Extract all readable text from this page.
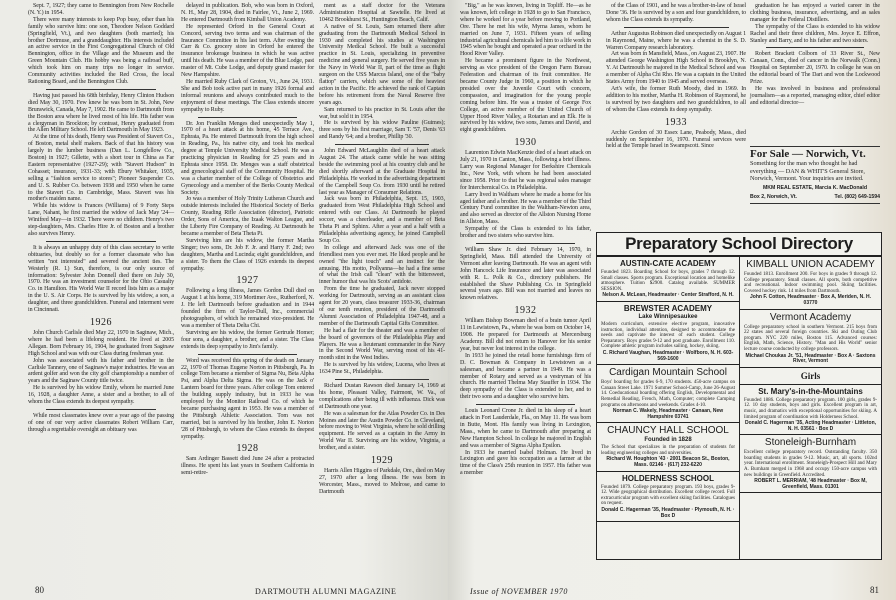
Sept. 7, 1927; they came to Bennington from New Rochelle (N. Y.) in 1954.

There were many interests to keep Pop busy, other than his family who survive him: one son, Theodore Nelson Goddard (Springfield, Vt.), and two daughters (both married); his brother Dortmuse, and a granddaughter. His interests included an active service in the First Congregational Church of Old Bennington, office in the Village and the Museum and the Green Mountain Club. His hobby was being a railroad buff, which took him on many trips no longer in service. Community activities included the Red Cross, the local Rationing Board, and the Bennington Club.

Having just passed his 68th birthday, Henry Clinton Hudson died May 30, 1970. Few knew he was born in St. John, New Brunswick, Canada, May 7, 1902. He came to Dartmouth from the Boston area where he lived most of his life. His father was a clergyman in Brockton; by contrast, Henry graduated from the Allen Military School. He left Dartmouth in May 1923.

At the time of his death, Henry was President of Stavert Co., of Boston, metal shelf makers. Back of that his history was largely in the lumber business (Dan L. Longfellow Co., Boston) in 1927; Gillette, with a short tour in China as Far Eastern representative (1927-29); with "Stavert Hudson" in Cohasset; insurance, 1931-33; with Ebury Whitaker, 1935, selling a "fashion service to stores"; Pioneer Suspender Co. and U. S. Rubber Co. between 1938 and 1950 when he came to the Stavert Co. in Cambridge, Mass. Stavert was his mother's maiden name.

While his widow is Frances (Williams) of 9 Forty Steps Lane, Nahant, he first married the widow of Jack May '24—Winifred May—in 1932. There were no children. Henry's two step-daughters, Mrs. Charles Hire Jr. of Boston and a brother also survives Henry.

It is always an unhappy duty of this class secretary to write obituaries, but doubly so for a former classmate who has written "not interested" and severed the ancient ties. The Westerly (R. I.) Sun, therefore, is our only source of information: Sylvester John Donnell died there on July 30, 1970. He was an investment counselor for the Ohio Casualty Co. in Hamilton. His World War II record lists him as a major in the U. S. Air Corps. He is survived by his widow, a son, a daughter, and three grandchildren. Funeral and interment were in Cincinnati.

1926

John Church Carlisle died May 22, 1970 in Saginaw, Mich., where he had been a lifelong resident. He lived at 2005 Allegan. Born February 16, 1904, he graduated from Saginaw High School and was with our Class during freshman year.

John was associated with his father and brother in the Carlisle Tannery, one of Saginaw's major industries. He was an ardent golfer and won the city golf championship a number of years and the Saginaw County title twice.

He is survived by his widow Emily, whom he married June 16, 1928, a daughter Anne, a sister and a brother, to all of whom the Class extends its deepest sympathy.

While most classmates knew over a year ago of the passing of one of our very active classmates Robert William Carr, through a regrettable oversight an obituary was

delayed in publication. Bob, who was born in Oxford, N. H., May 28, 1904, died in Fairlee, Vt., June 2, 1969. He entered Dartmouth from Kimball Union Academy.

He represented Orford in the General Court at Concord, serving two terms and was chairman of the Insurance Committee in his last term. After owning the Carr & Co. grocery store in Orford he entered the insurance brokerage business in which he was active until his death. He was a member of the Blue Lodge, past master of Mt. Cube Lodge, and deputy grand master for New Hampshire.

He married Ruby Clark of Groton, Vt., June 24, 1931. She and Bob took active part in many 1926 formal and informal reunions and always contributed much to the enjoyment of these meetings. The Class extends sincere sympathy to Ruby.

Dr. Jon Franklin Menges died unexpectedly May 1, 1970 of a heart attack at his home, 45 Terrace Ave., Ephrata, Pa. He entered Dartmouth from the high school in Reading, Pa., his native city, and took his medical degree at Temple University Medical School. He was a practicing physician in Reading for 25 years and in Ephrata since 1958. Dr. Menges was a staff obstetrical and gynecological staff of the Community Hospital. He was a charter member of the College of Obstetrics and Gynecology and a member of the Berks County Medical Society.

Jo was a member of Holy Trinity Lutheran Church and outside interests included the Historical Society of Berks County, Reading Rifle Association (director), Patriotic Order, Sons of America, the Izaak Walton League, and the Liberty Fire Company of Reading. At Dartmouth he became a member of Beta Theta Pi.

Surviving him are his widow, the former Martha Singer; two sons, Dr. Job F. Jr. and Harry F. 2nd; two daughters, Martha and Lucinda; eight grandchildren, and a sister. To them the Class of 1926 extends its deepest sympathy.

1927

Following a long illness, James Gordon Dull died on August 1 at his home, 319 Mortimer Ave., Rutherford, N. J. He left Dartmouth before graduation and in 1944 founded the firm of Taylor-Dull, Inc., commercial photographers, of which he remained vice-president. He was a member of Theta Delta Chi.

Surviving are his widow, the former Gertrude Homer; four sons, a daughter, a brother, and a sister. The Class extends its deep sympathy to Jim's family.

Word was received this spring of the death on January 22, 1970 of Thomas Eugene Norton in Pittsburgh, Pa. In college Tom became a member of Sigma Nu, Beta Alpha Psi, and Alpha Delta Sigma. He was on the Jack o' Lantern board for three years. After college Tom entered the building supply industry, but in 1933 he was employed by the Monitor Railroad Co. of which he became purchasing agent in 1953. He was a member of the Pittsburgh Athletic Association. Tom was not married, but is survived by his brother, John E. Norton '28 of Pittsburgh, to whom the Class extends its deepest sympathy.

1928

Sam Ardinger Bassett died June 24 after a protracted illness. He spent his last years in Southern California in semi-retire-

ment as a staff doctor for the Veterans Administration Hospital at Sawtelle. He lived at 10462 Brookhurst St., Huntington Beach, Calif.

A native of St. Louis, Sam returned there after graduating from the Dartmouth Medical School in 1930 and completed his studies at Washington University Medical School. He built a successful practice in St. Louis, specializing in preventive medicine and general surgery. He served five years in the Navy in World War II, part of the time as flight surgeon on the USS Marcus Island, one of the "baby flattop" carriers, which saw some of the heaviest action in the Pacific. He achieved the rank of Captain before his retirement from the Naval Reserve five years ago.

Sam returned to his practice in St. Louis after the war, but sold it in 1954.

He is survived by his widow Pauline (Guimes); three sons by his first marriage, Sam T. '57, Denis '63 and Randy '64; and a brother, Phillip '30.

John Edward McLaughlin died of a heart attack August 24. The attack came while he was sitting beside the swimming pool at his country club and he died shortly afterward at the Graduate Hospital in Philadelphia. He worked in the advertising department of the Campbell Soup Co. from 1930 until he retired last year as Manager of Consumer Relations.

Jack was born in Philadelphia, Sept. 15, 1903, graduated from West Philadelphia High School and entered with our Class. At Dartmouth he played soccer, was a cheerleader, and a member of Beta Theta Pi and Sphinx. After a year and a half with a Philadelphia advertising agency, he joined Campbell Soup Co.

In college and afterward Jack was one of the friendliest men you ever met. He liked people and he owned "the light touch" and an instinct for the amusing. His motto, Pollyanna—he had a fine sense of what the Irish call "clean" with the bittersweet, inner humor that was his Scots' antidote.

From the time he graduated, Jack never stopped working for Dartmouth, serving as an assistant class agent for 20 years, class treasurer 1933-36, chairman of our tenth reunion, president of the Dartmouth Alumni Association of Philadelphia 1947-48, and a member of the Dartmouth Capital Gifts Committee.

He had a flair for the theater and was a member of the board of governors of the Philadelphia Play and Players. He was a lieutenant commander in the Navy in the Second World War, serving most of his 41-month stint in the West Indies.

He is survived by his widow, Lucena, who lives at 1634 Pine St., Philadelphia.

Richard Dustan Rawson died January 14, 1969 at his home, Pleasant Valley, Fairmont, W. Va., of complications after being ill with influenza. Dick was at Dartmouth one year.

He was a salesman for the Atlas Powder Co. in Des Moines and later the Austin Powder Co. in Cleveland, before moving to West Virginia, where he sold drilling equipment. He served as a captain in the Army in World War II. Surviving are his widow, Virginia, a brother, and a sister.

1929

Harris Allen Higgins of Parkdale, Ore., died on May 27, 1970 after a long illness. He was born in Worcester, Mass., moved to Melrose, and came to Dartmouth

80	DARTMOUTH ALUMNI MAGAZINE

"Big," as he was known, living in Topliff. He—as he was known, left college in 1928 to go to San Francisco, where he worked for a year before moving to Portland, Ore. There he met his wife, Myrna James, whom he married on June 7, 1931. Fifteen years of selling industrial agricultural chemicals led him to a life work in 1945 when he bought and operated a pear orchard in the Hood River Valley.

He became a prominent figure in the Northwest, serving as vice president of the Oregon Farm Bureau Federation and chairman of its fruit committee. He became County Judge in 1960, a position in which he presided over the Juvenile Court with concern, compassion, and imagination for the young people coming before him. He was a trustee of George Fox College, an active member of the United Church of Upper Hood River Valley, a Rotarian and an Elk. He is survived by his widow, two sons, James and David, and eight grandchildren.

1930

Laurenton Edwin MacKenzie died of a heart attack on July 21, 1970 in Canton, Mass., following a brief illness. Larry was Regional Manager for Berkshire Chemicals Inc., New York, with whom he had been associated since 1958. Prior to that he was regional sales manager for Interchemical Co. in Philadelphia.

Larry lived in Waltham where he made a home for his aged father and a brother. He was a member of the Third Century Fund committee in the Waltham-Newton area, and also served as director of the Allston Nursing Home in Allston, Mass.

Sympathy of the Class is extended to his father, brother and two sisters who survive him.

William Shaw Jr. died February 14, 1970, in Springfield, Mass. Bill attended the University of Vermont after leaving Dartmouth. He was an agent with John Hancock Life Insurance and later was associated with R. L. Polk & Co., directory publishers. He established the Shaw Publishing Co. in Springfield several years ago. Bill was not married and leaves no known relatives.

1932

William Bishop Bowman died of a brain tumor April 11 in Lewistown, Pa., where he was born on October 14, 1908. He prepared for Dartmouth at Mercersburg Academy. Bill did not return to Hanover for his senior year, but never lost interest in the college.

In 1933 he joined the retail home furnishings firm of D. C. Bowman & Company in Lewistown as a salesman, and became a partner in 1949. He was a member of Rotary and served as a vestryman of his church. He married Thelma May Stauffer in 1934. The deep sympathy of the Class is extended to her, and to their two sons and a daughter who survive him.

Louis Leonard Crone Jr. died in his sleep of a heart attack in Fort Lauderdale, Fla., on May 11. He was born in Butte, Mont. His family was living in Lexington, Mass., when he came to Dartmouth after preparing at New Hampton School. In college he majored in English and was a member of Sigma Alpha Epsilon.

In 1933 he married Isabel Holman. He lived in Lexington and gave his occupation as a farmer at the time of the Class's 25th reunion in 1957. His father was a member

of the Class of 1901, and he was a brother-in-law of Israel Done '36. He is survived by a son and four grandchildren, to whom the Class extends its sympathy.

Arthur Augustus Robinson died unexpectedly on August 1 in Raymond, Maine, where he was a chemist in the S. D. Warren Company research laboratory.

Art was born in Mansfield, Mass., on August 23, 1907. He attended George Washington High School in Brooklyn, N. Y. At Dartmouth he majored in the Medical School and was a member of Alpha Chi Rho. He was a captain in the United States Army from 1940 to 1945 and served overseas.

Art's wife, the former Ruth Moody, died in 1969. In addition to his mother, Martha H. Robinson of Raymond, he is survived by two daughters and two grandchildren, to all of whom the Class extends its deep sympathy.

1933

Archie Gordon of 30 Essex Lane, Peabody, Mass., died suddenly on September 16, 1970. Funeral services were held at the Temple Israel in Swampscott. Since

graduation he has enjoyed a varied career in the clothing business, insurance, advertising, and as sales manager for the Federal Distillers.

The sympathy of the Class is extended to his widow Rachel and their three children, Mrs. Joyce E. Effron, Stanley and Barry, and to his father and two sisters.

Robert Brackett Colborn of 33 River St., New Canaan, Conn., died of cancer in the Norwalk (Conn.) Hospital on September 20, 1970. In college he was on the editorial board of The Dart and won the Lockwood Prize.

He was involved in business and professional journalism—as a reported, managing editor, chief editor and editorial director—

81
Issue of NOVEMBER 1970
For Sale — Norwich, Vt.
Something for the man who thought he had everything — DAN & WHIT'S General Store, Norwich, Vermont. Your inquiries are invited.
MKM REAL ESTATE, Marcia K. MacDonald
Box 2, Norwich, Vt.	Tel. (802) 649-1594
Preparatory School Directory
AUSTIN-CATE ACADEMY
Founded 1823. Boarding School for boys, grades 7 through 12. Small classes. Sports program. Exceptional location and homelike atmosphere. Tuition $2900. Catalog available. SUMMER SESSION.
Nelson A. McLean, Headmaster · Center Strafford, N. H.
BREWSTER ACADEMY
Lake Winnipesaukee
Modern curriculum, extensive elective program, innovative instruction, individual attention, designed to accommodate the needs and captivate the interest of each student. College Preparatory. Boys grades 9-12 and post graduate. Enrollment 110. Complete athletic program includes sailing, hockey, skiing.
C. Richard Vaughan, Headmaster · Wolfboro, N. H. 603-569-1600
Cardigan Mountain School
Boys' boarding for grades 6-9, 170 students. 450-acre campus on Canaan Street Lake. 1971 Summer School-Camp, June 26-August 14. Coeducational boarding offering English, Developmental and Remedial Reading, French, Math, Computer; complete Camping programs on afternoons and weekends. Grades 4-10.
Norman C. Wakely, Headmaster · Canaan, New Hampshire 03741
CHAUNCY HALL SCHOOL
Founded in 1828
The School that specializes in the preparation of students for leading engineering colleges and universities.
Richard W. Houghton '43 · 2001 Beacon St., Boston, Mass. 02146 · (617) 232-6220
HOLDERNESS SCHOOL
Founded 1879. College preparatory program. 193 boys, grades 9-12. Wide geographical distribution. Excellent college record. Full extracurricular program with excellent skiing facilities. Catalogues on request.
Donald C. Hagerman '35, Headmaster · Plymouth, N. H. · Box D
KIMBALL UNION ACADEMY
Founded 1813. Enrollment 200. For boys in grades 9 through 12. College preparatory. Small classes. All sports, both competitive and recreational. Indoor swimming pool. Skiing facilities. Covered hockey rink. 14 miles from Dartmouth.
John F. Cotton, Headmaster · Box A, Meriden, N. H. 03770
Vermont Academy
College preparatory school in southern Vermont. 215 boys from 22 states and several foreign countries. Ski and Outing Club program. NYC 220 miles, Boston 115. Advanced courses: English, Math, Science, History. "Man and His World" senior lecture course conducted by college professors.
Michael Choukas Jr. '51, Headmaster · Box A · Saxtons River, Vermont
Girls
St. Mary's-in-the-Mountains
Founded 1886. College preparatory program. 100 girls, grades 9-12. 10 day students, boys and girls. Excellent program in art, music, and dramatics with exceptional opportunities for skiing. A limited program of coordination with Holderness School.
Donald C. Hagerman '35, Acting Headmaster · Littleton, N. H. 03561 · Box D
Stoneleigh-Burnham
Excellent college preparatory record. Outstanding faculty. 350 boarding students in grades 9-12. Music, art, all sports. 102nd year. International enrollment. Stoneleigh-Prospect Hill and Mary A. Burnham merged in 1968 and occupy 150-acre campus with new buildings in Greenfield. Accredited.
ROBERT L. MERRIAM, '48 Headmaster · Box M, Greenfield, Mass. 01301
